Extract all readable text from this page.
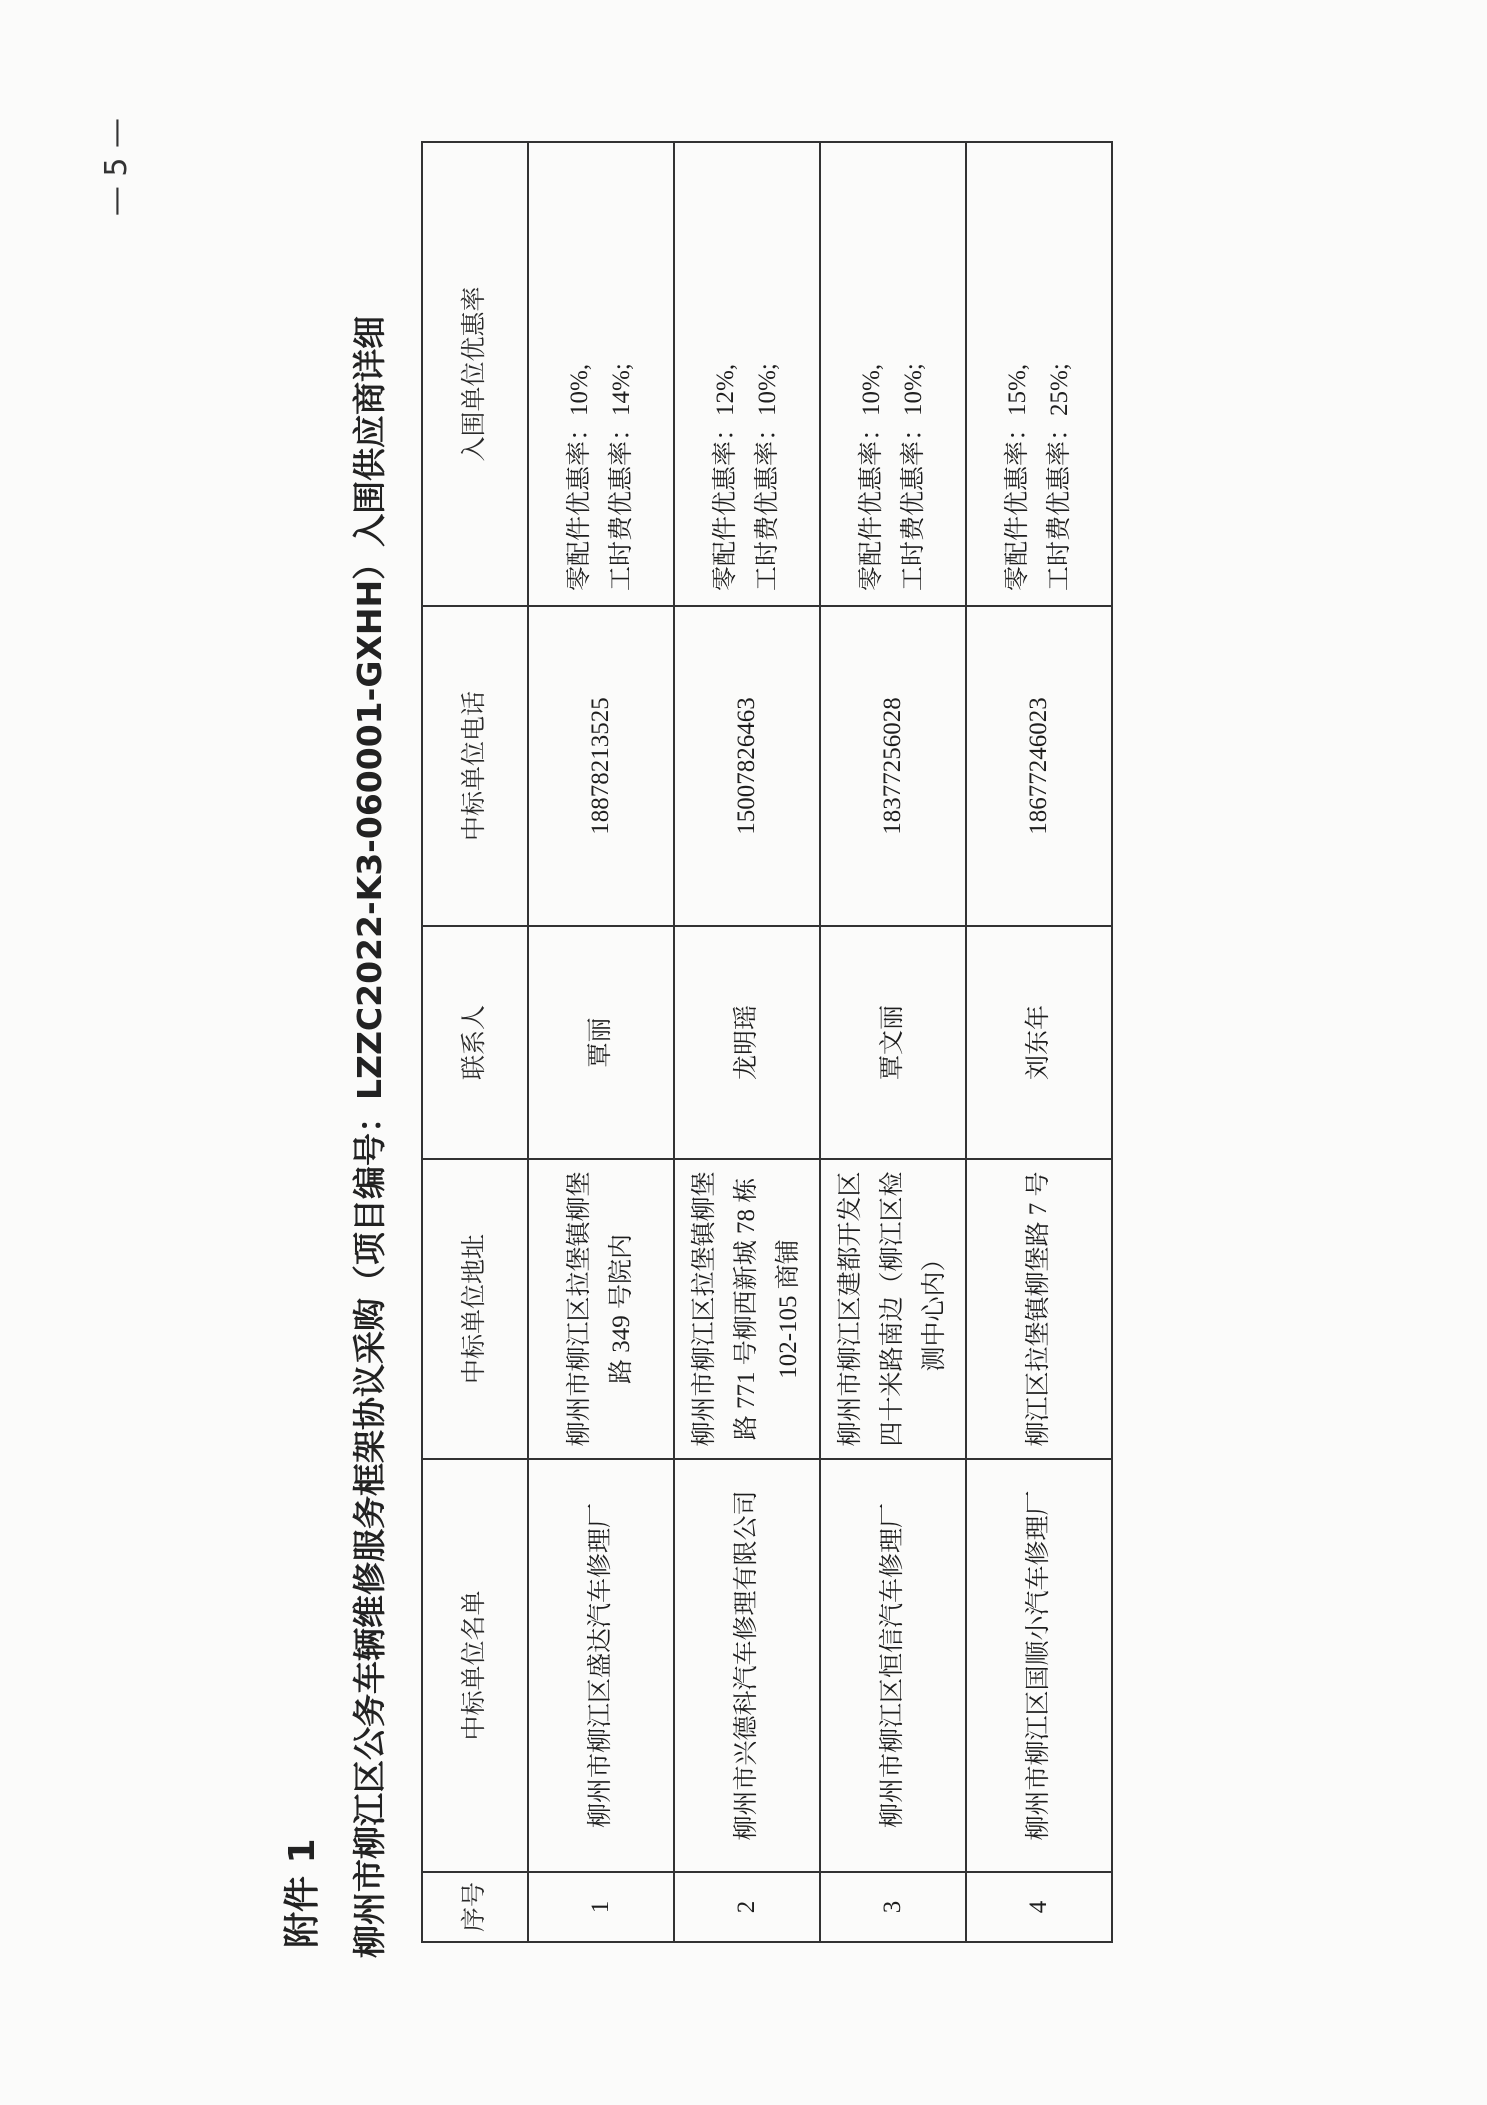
— 5 —
附件 1 柳州市柳江区公务车辆维修服务框架协议采购（项目编号：LZZC2022-K3-060001-GXHH）入围供应商详细	序号	中标单位名单	中标单位地址	联系人	中标单位电话	入围单位优惠率
1	柳州市柳江区盛达汽车修理厂	柳州市柳江区拉堡镇柳堡路 349 号院内	覃丽	18878213525	零配件优惠率：10%, 工时费优惠率：14%;

2	柳州市兴德科汽车修理有限公司	柳州市柳江区拉堡镇柳堡路 771 号柳西新城 78 栋 102-105 商铺	龙明瑶	15007826463	零配件优惠率：12%, 工时费优惠率：10%;

3	柳州市柳江区恒信汽车修理厂	柳州市柳江区建都开发区四十米路南边（柳江区检测中心内）	覃文丽	18377256028	零配件优惠率：10%, 工时费优惠率：10%;

4	柳州市柳江区国顺小汽车修理厂	柳江区拉堡镇柳堡路 7 号	刘东年	18677246023	零配件优惠率：15%, 工时费优惠率：25%;
